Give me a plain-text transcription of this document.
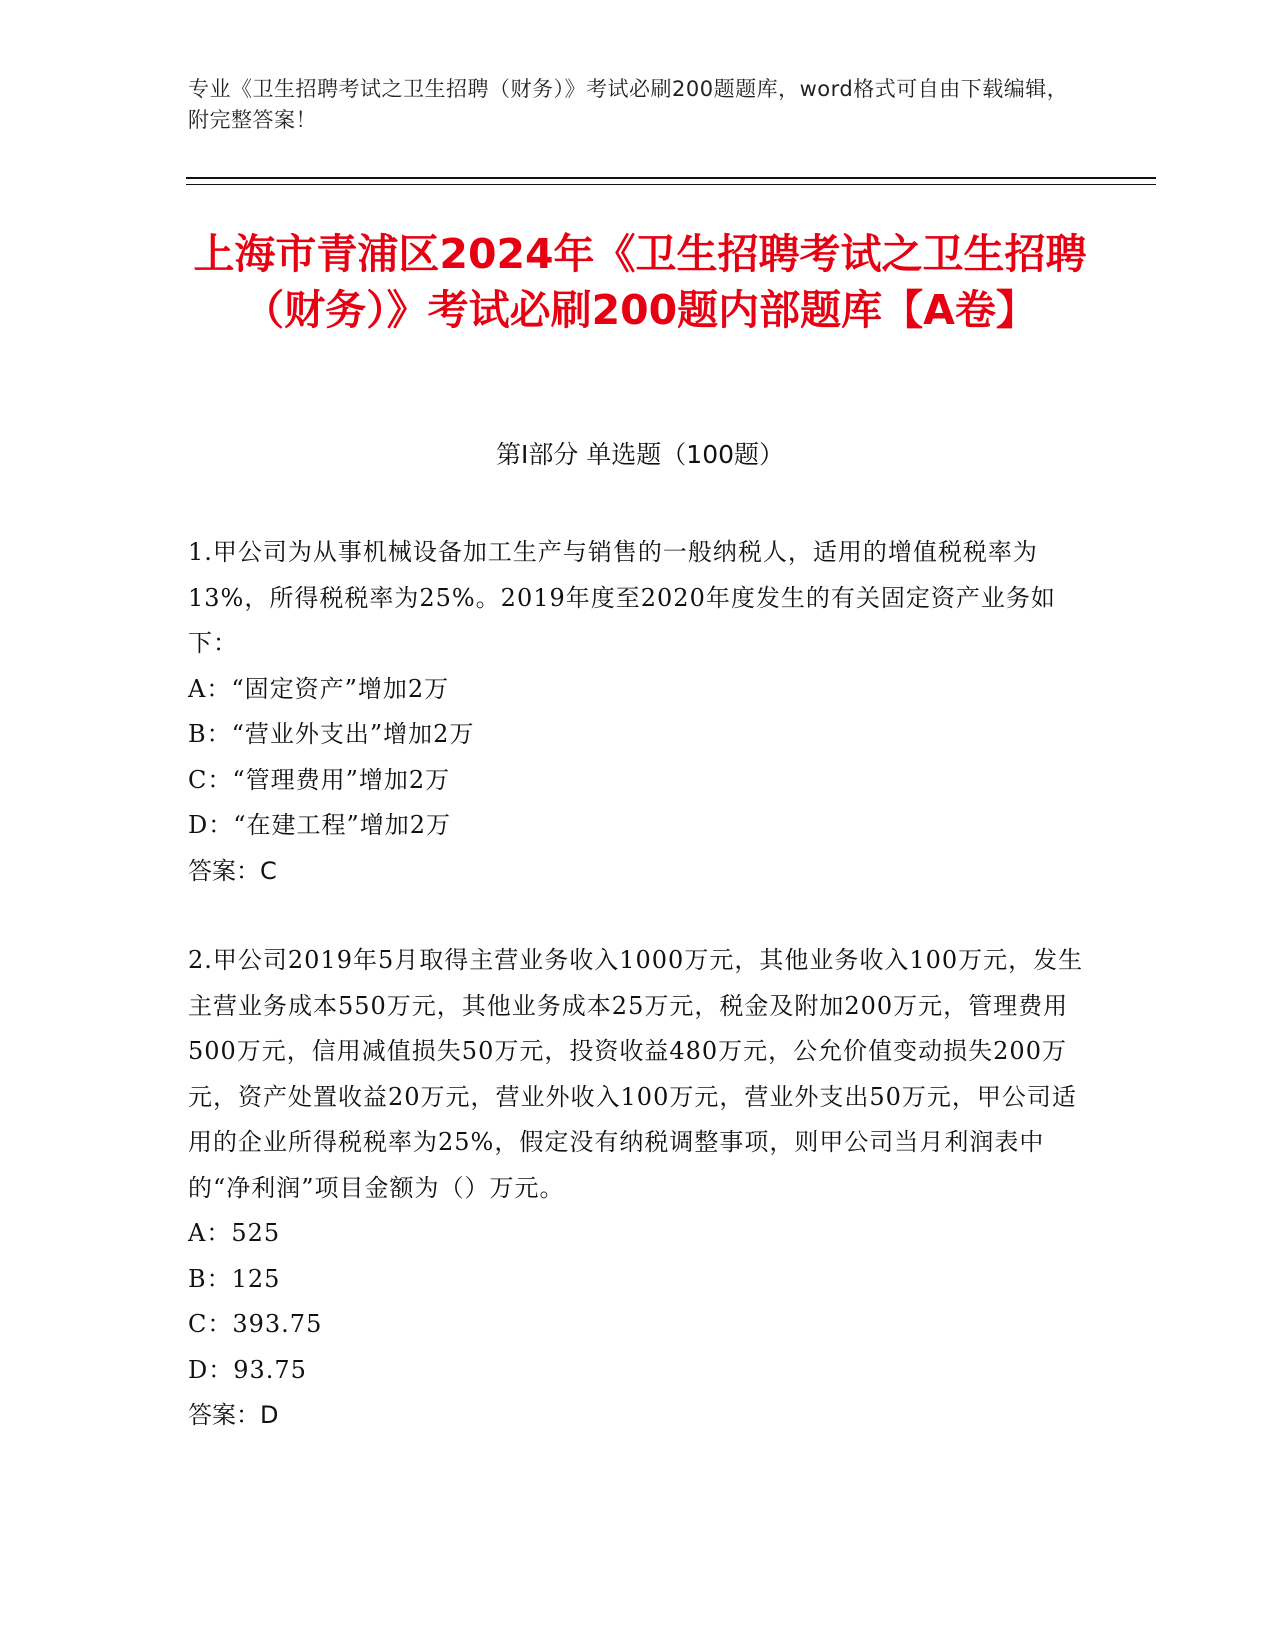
专业《卫生招聘考试之卫生招聘（财务）》考试必刷200题题库，word格式可自由下载编辑，附完整答案！
上海市青浦区2024年《卫生招聘考试之卫生招聘（财务）》考试必刷200题内部题库【A卷】
第I部分 单选题（100题）

1.甲公司为从事机械设备加工生产与销售的一般纳税人，适用的增值税税率为13%，所得税税率为25%。2019年度至2020年度发生的有关固定资产业务如下：

A：“固定资产”增加2万

B：“营业外支出”增加2万

C：“管理费用”增加2万

D：“在建工程”增加2万

答案：C

2.甲公司2019年5月取得主营业务收入1000万元，其他业务收入100万元，发生主营业务成本550万元，其他业务成本25万元，税金及附加200万元，管理费用500万元，信用减值损失50万元，投资收益480万元，公允价值变动损失200万元，资产处置收益20万元，营业外收入100万元，营业外支出50万元，甲公司适用的企业所得税税率为25%，假定没有纳税调整事项，则甲公司当月利润表中的“净利润”项目金额为（）万元。

A：525

B：125

C：393.75

D：93.75

答案：D
